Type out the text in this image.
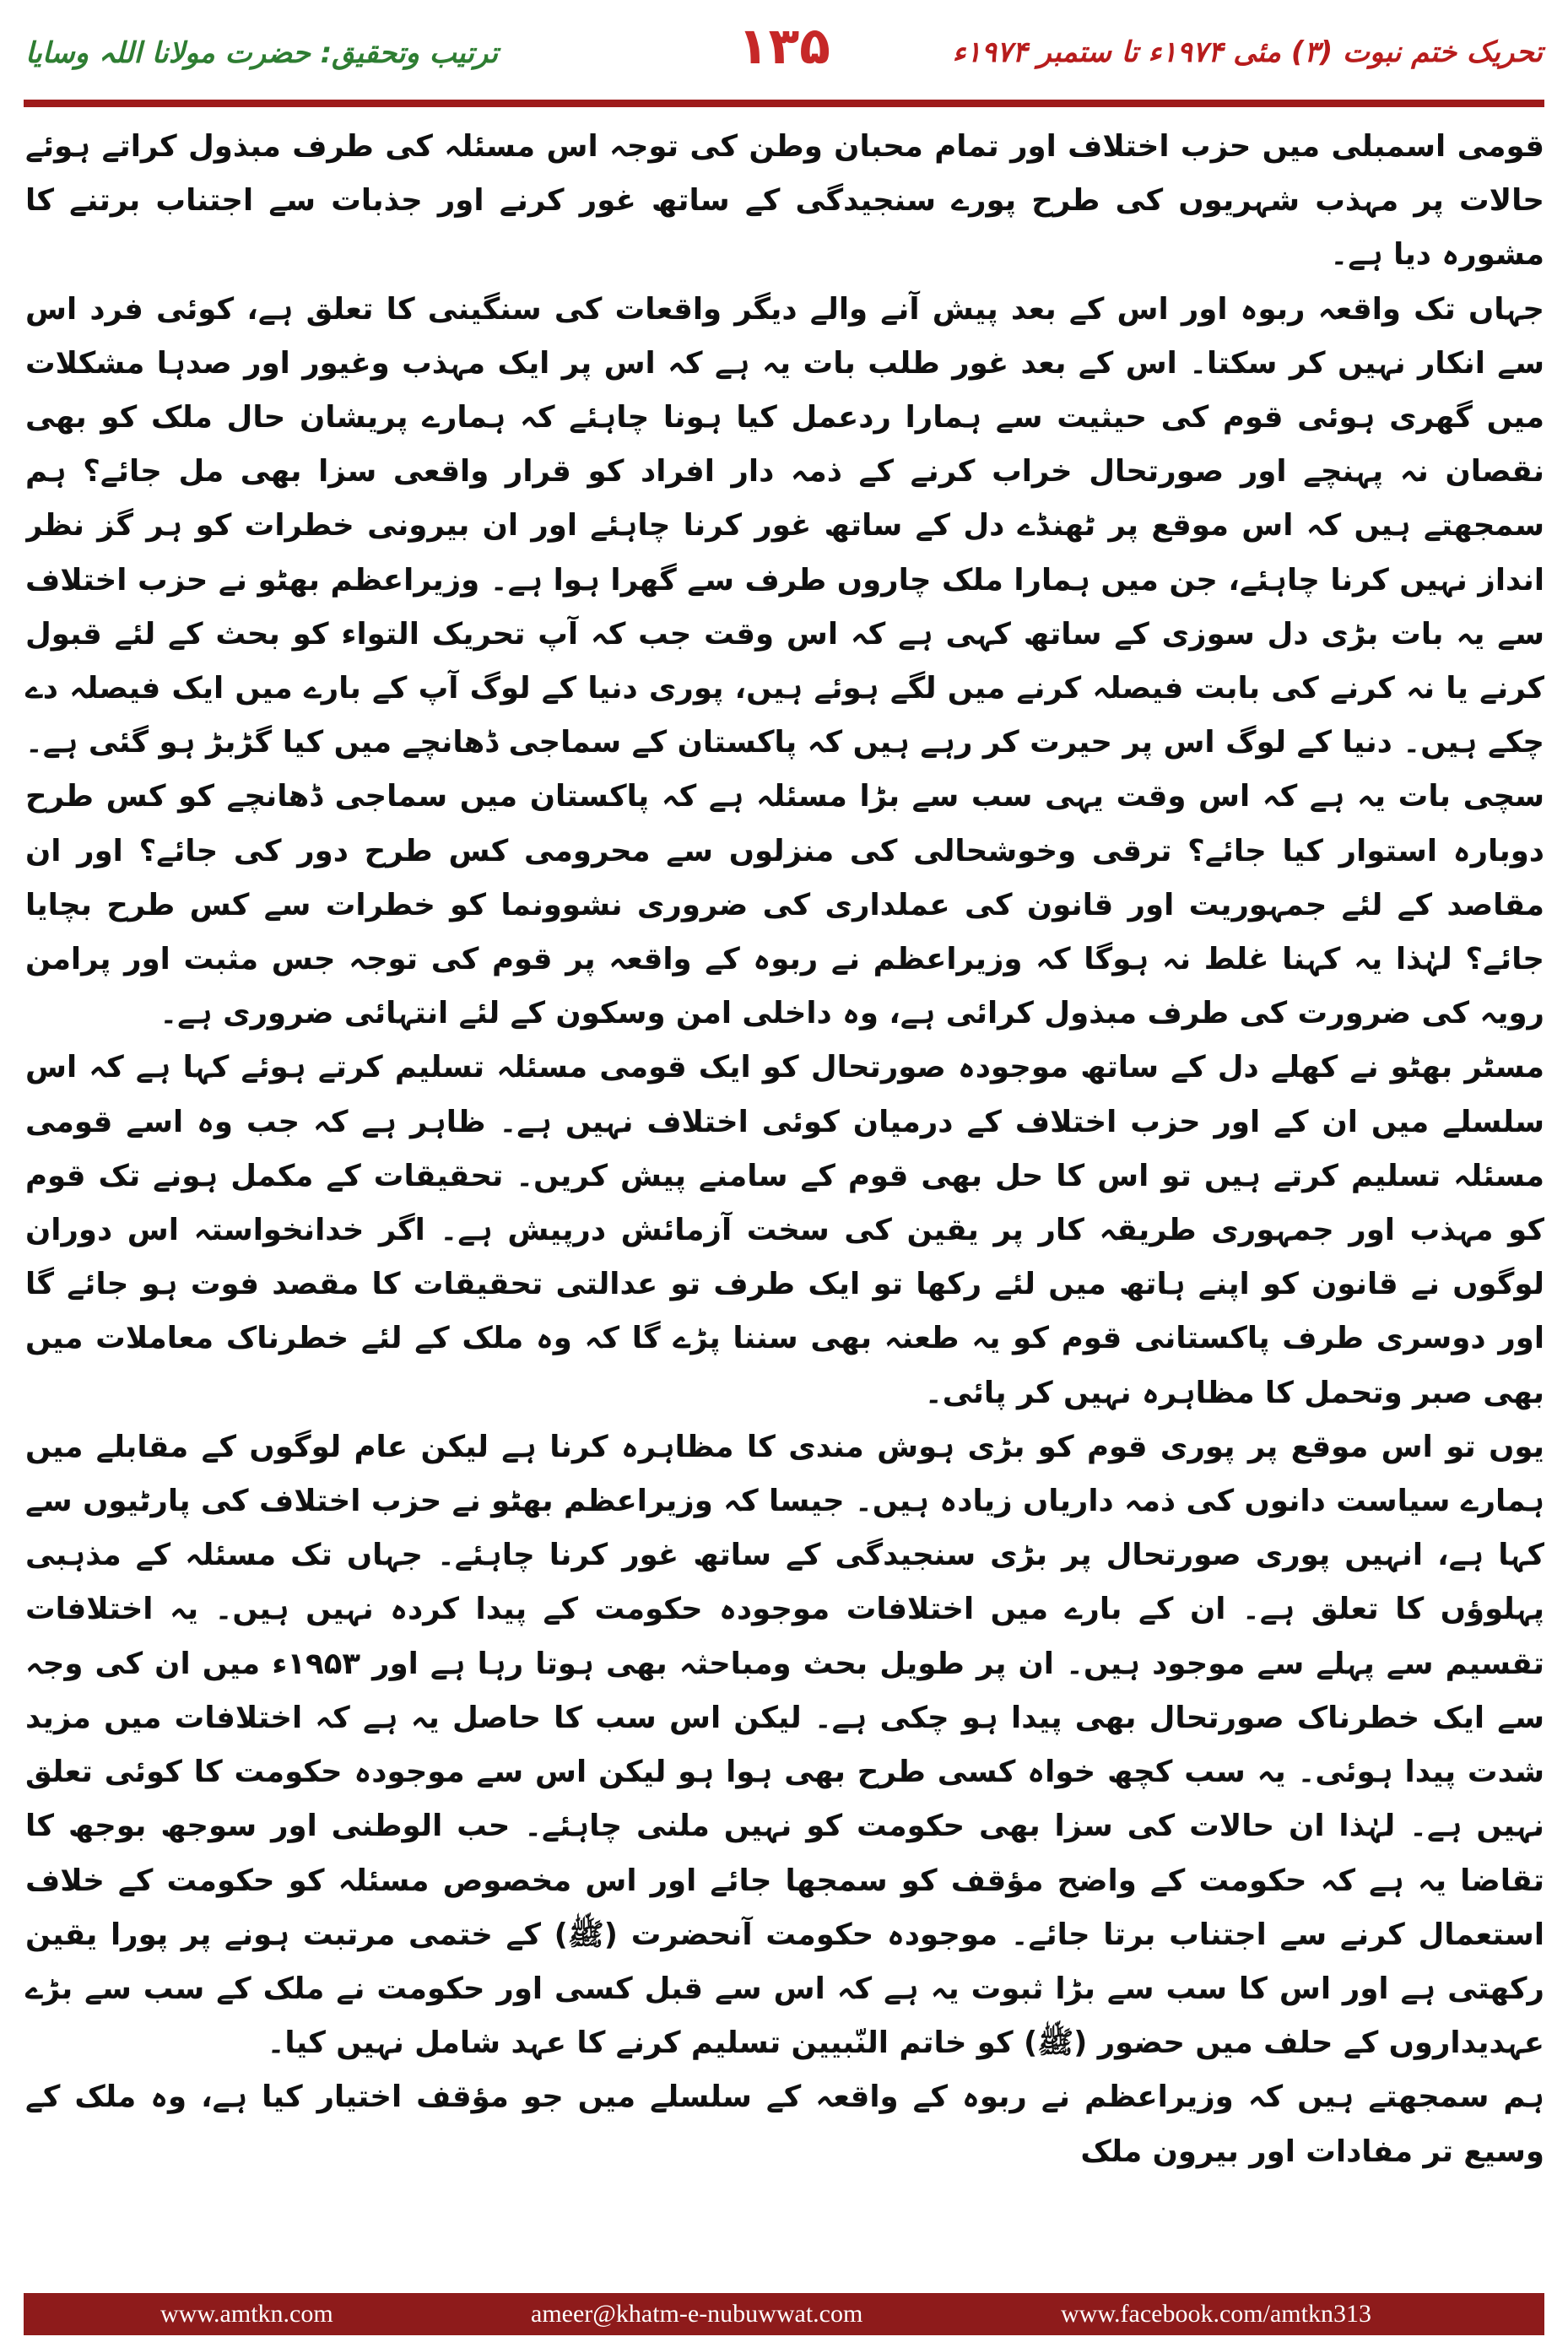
ترتیب وتحقیق: حضرت مولانا اللہ وسایا	۱۳۵	تحریک ختم نبوت (۳) مئی ۱۹۷۴ء تا ستمبر ۱۹۷۴ء

قومی اسمبلی میں حزب اختلاف اور تمام محبان وطن کی توجہ اس مسئلہ کی طرف مبذول کراتے ہوئے حالات پر مہذب شہریوں کی طرح پورے سنجیدگی کے ساتھ غور کرنے اور جذبات سے اجتناب برتنے کا مشورہ دیا ہے۔

جہاں تک واقعہ ربوہ اور اس کے بعد پیش آنے والے دیگر واقعات کی سنگینی کا تعلق ہے، کوئی فرد اس سے انکار نہیں کر سکتا۔ اس کے بعد غور طلب بات یہ ہے کہ اس پر ایک مہذب وغیور اور صدہا مشکلات میں گھری ہوئی قوم کی حیثیت سے ہمارا ردعمل کیا ہونا چاہئے کہ ہمارے پریشان حال ملک کو بھی نقصان نہ پہنچے اور صورتحال خراب کرنے کے ذمہ دار افراد کو قرار واقعی سزا بھی مل جائے؟ ہم سمجھتے ہیں کہ اس موقع پر ٹھنڈے دل کے ساتھ غور کرنا چاہئے اور ان بیرونی خطرات کو ہر گز نظر انداز نہیں کرنا چاہئے، جن میں ہمارا ملک چاروں طرف سے گھرا ہوا ہے۔ وزیراعظم بھٹو نے حزب اختلاف سے یہ بات بڑی دل سوزی کے ساتھ کہی ہے کہ اس وقت جب کہ آپ تحریک التواء کو بحث کے لئے قبول کرنے یا نہ کرنے کی بابت فیصلہ کرنے میں لگے ہوئے ہیں، پوری دنیا کے لوگ آپ کے بارے میں ایک فیصلہ دے چکے ہیں۔ دنیا کے لوگ اس پر حیرت کر رہے ہیں کہ پاکستان کے سماجی ڈھانچے میں کیا گڑبڑ ہو گئی ہے۔ سچی بات یہ ہے کہ اس وقت یہی سب سے بڑا مسئلہ ہے کہ پاکستان میں سماجی ڈھانچے کو کس طرح دوبارہ استوار کیا جائے؟ ترقی وخوشحالی کی منزلوں سے محرومی کس طرح دور کی جائے؟ اور ان مقاصد کے لئے جمہوریت اور قانون کی عملداری کی ضروری نشوونما کو خطرات سے کس طرح بچایا جائے؟ لہٰذا یہ کہنا غلط نہ ہوگا کہ وزیراعظم نے ربوہ کے واقعہ پر قوم کی توجہ جس مثبت اور پرامن رویہ کی ضرورت کی طرف مبذول کرائی ہے، وہ داخلی امن وسکون کے لئے انتہائی ضروری ہے۔

مسٹر بھٹو نے کھلے دل کے ساتھ موجودہ صورتحال کو ایک قومی مسئلہ تسلیم کرتے ہوئے کہا ہے کہ اس سلسلے میں ان کے اور حزب اختلاف کے درمیان کوئی اختلاف نہیں ہے۔ ظاہر ہے کہ جب وہ اسے قومی مسئلہ تسلیم کرتے ہیں تو اس کا حل بھی قوم کے سامنے پیش کریں۔ تحقیقات کے مکمل ہونے تک قوم کو مہذب اور جمہوری طریقہ کار پر یقین کی سخت آزمائش درپیش ہے۔ اگر خدانخواستہ اس دوران لوگوں نے قانون کو اپنے ہاتھ میں لئے رکھا تو ایک طرف تو عدالتی تحقیقات کا مقصد فوت ہو جائے گا اور دوسری طرف پاکستانی قوم کو یہ طعنہ بھی سننا پڑے گا کہ وہ ملک کے لئے خطرناک معاملات میں بھی صبر وتحمل کا مظاہرہ نہیں کر پائی۔

یوں تو اس موقع پر پوری قوم کو بڑی ہوش مندی کا مظاہرہ کرنا ہے لیکن عام لوگوں کے مقابلے میں ہمارے سیاست دانوں کی ذمہ داریاں زیادہ ہیں۔ جیسا کہ وزیراعظم بھٹو نے حزب اختلاف کی پارٹیوں سے کہا ہے، انہیں پوری صورتحال پر بڑی سنجیدگی کے ساتھ غور کرنا چاہئے۔ جہاں تک مسئلہ کے مذہبی پہلوؤں کا تعلق ہے۔ ان کے بارے میں اختلافات موجودہ حکومت کے پیدا کردہ نہیں ہیں۔ یہ اختلافات تقسیم سے پہلے سے موجود ہیں۔ ان پر طویل بحث ومباحثہ بھی ہوتا رہا ہے اور ۱۹۵۳ء میں ان کی وجہ سے ایک خطرناک صورتحال بھی پیدا ہو چکی ہے۔ لیکن اس سب کا حاصل یہ ہے کہ اختلافات میں مزید شدت پیدا ہوئی۔ یہ سب کچھ خواہ کسی طرح بھی ہوا ہو لیکن اس سے موجودہ حکومت کا کوئی تعلق نہیں ہے۔ لہٰذا ان حالات کی سزا بھی حکومت کو نہیں ملنی چاہئے۔ حب الوطنی اور سوجھ بوجھ کا تقاضا یہ ہے کہ حکومت کے واضح مؤقف کو سمجھا جائے اور اس مخصوص مسئلہ کو حکومت کے خلاف استعمال کرنے سے اجتناب برتا جائے۔ موجودہ حکومت آنحضرت (ﷺ) کے ختمی مرتبت ہونے پر پورا یقین رکھتی ہے اور اس کا سب سے بڑا ثبوت یہ ہے کہ اس سے قبل کسی اور حکومت نے ملک کے سب سے بڑے عہدیداروں کے حلف میں حضور (ﷺ) کو خاتم النّبیین تسلیم کرنے کا عہد شامل نہیں کیا۔

ہم سمجھتے ہیں کہ وزیراعظم نے ربوہ کے واقعہ کے سلسلے میں جو مؤقف اختیار کیا ہے، وہ ملک کے وسیع تر مفادات اور بیرون ملک

www.amtkn.com	ameer@khatm-e-nubuwwat.com	www.facebook.com/amtkn313
